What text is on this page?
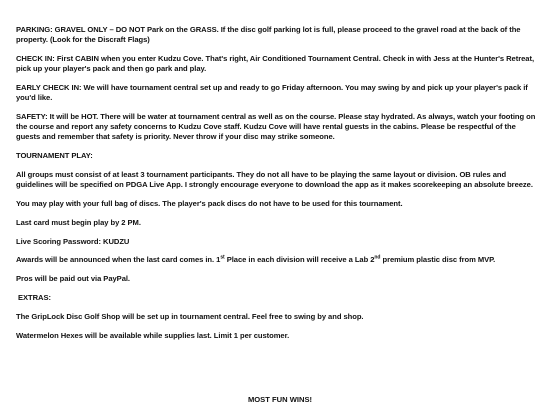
PARKING: GRAVEL ONLY – DO NOT Park on the GRASS. If the disc golf parking lot is full, please proceed to the gravel road at the back of the property. (Look for the Discraft Flags)

CHECK IN: First CABIN when you enter Kudzu Cove. That's right, Air Conditioned Tournament Central. Check in with Jess at the Hunter's Retreat, pick up your player's pack and then go park and play.

EARLY CHECK IN: We will have tournament central set up and ready to go Friday afternoon. You may swing by and pick up your player's pack if you'd like.

SAFETY: It will be HOT. There will be water at tournament central as well as on the course. Please stay hydrated. As always, watch your footing on the course and report any safety concerns to Kudzu Cove staff. Kudzu Cove will have rental guests in the cabins. Please be respectful of the guests and remember that safety is priority. Never throw if your disc may strike someone.

TOURNAMENT PLAY:

All groups must consist of at least 3 tournament participants. They do not all have to be playing the same layout or division. OB rules and guidelines will be specified on PDGA Live App. I strongly encourage everyone to download the app as it makes scorekeeping an absolute breeze.

You may play with your full bag of discs. The player's pack discs do not have to be used for this tournament.

Last card must begin play by 2 PM.

Live Scoring Password: KUDZU

Awards will be announced when the last card comes in. 1st Place in each division will receive a Lab 2nd premium plastic disc from MVP.

Pros will be paid out via PayPal.

EXTRAS:

The GripLock Disc Golf Shop will be set up in tournament central. Feel free to swing by and shop.

Watermelon Hexes will be available while supplies last. Limit 1 per customer.

MOST FUN WINS!
